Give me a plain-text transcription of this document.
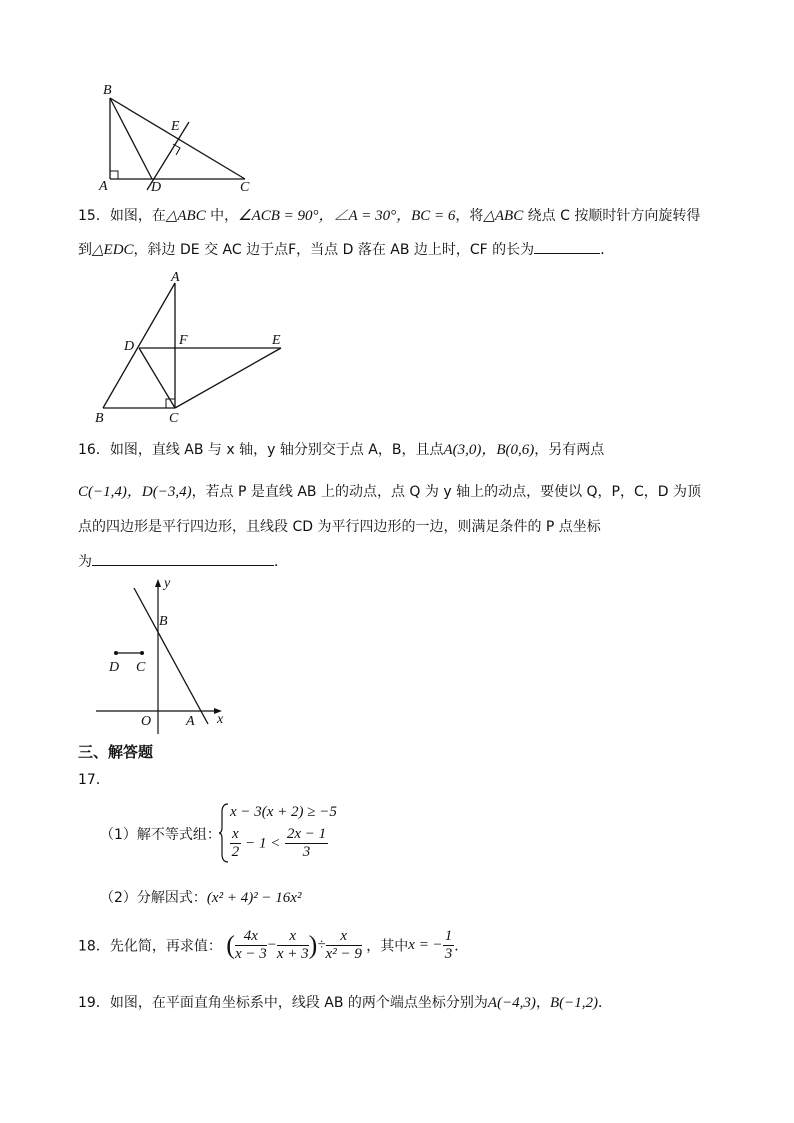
B
E
A	D	C
15．如图，在△ABC 中，∠ACB = 90°，∠A = 30°，BC = 6，将△ABC 绕点 C 按顺时针方向旋转得
到△EDC，斜边 DE 交 AC 边于点F，当点 D 落在 AB 边上时，CF 的长为	．
A
D	F	E
B	C
16．如图，直线 AB 与 x 轴，y 轴分别交于点 A，B，且点A(3,0)，B(0,6)，另有两点
C(−1,4)，D(−3,4)，若点 P 是直线 AB 上的动点，点 Q 为 y 轴上的动点，要使以 Q，P，C，D 为顶
点的四边形是平行四边形，且线段 CD 为平行四边形的一边，则满足条件的 P 点坐标
为	．
y
B
D C
O A x
三、解答题
17．
（1）解不等式组：
x − 3(x + 2) ≥ −5
$\frac{x}{2} - 1 < \frac{2x - 1}{3}$
（2）分解因式：(x² + 4)² − 16x²
18．先化简，再求值： ( $\frac{4x}{x - 3} - \frac{x}{x + 3}$ )÷ $\frac{x}{\text{x² − 9}}$ ，其中x = − $\frac{1}{3}$ ．
19．如图，在平面直角坐标系中，线段 AB 的两个端点坐标分别为A(−4,3)，B(−1,2)．
